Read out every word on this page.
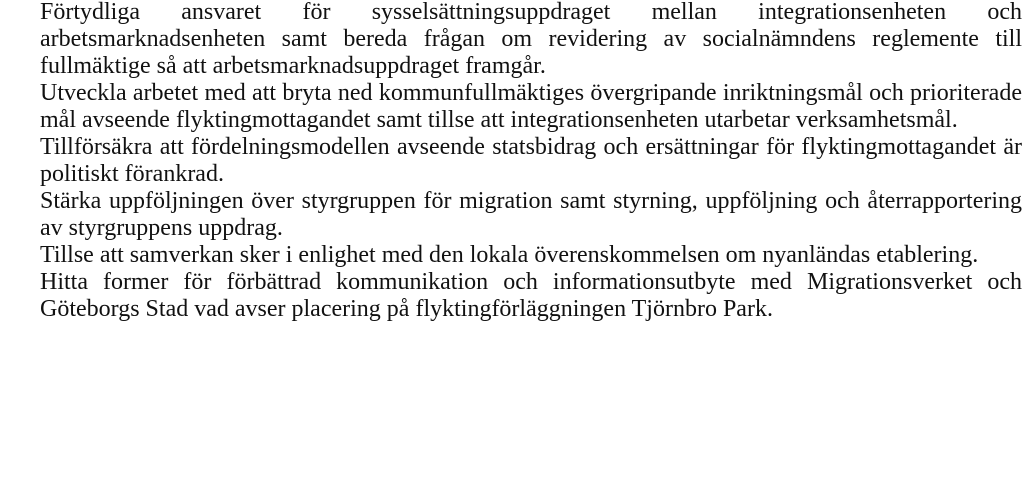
Förtydliga ansvaret för sysselsättningsuppdraget mellan integrationsenheten och arbetsmarknadsenheten samt bereda frågan om revidering av socialnämndens reglemente till fullmäktige så att arbetsmarknadsuppdraget framgår.

Utveckla arbetet med att bryta ned kommunfullmäktiges övergripande inriktningsmål och prioriterade mål avseende flyktingmottagandet samt tillse att integrationsenheten utarbetar verksamhetsmål.

Tillförsäkra att fördelningsmodellen avseende statsbidrag och ersättningar för flyktingmottagandet är politiskt förankrad.

Stärka uppföljningen över styrgruppen för migration samt styrning, uppföljning och återrapportering av styrgruppens uppdrag.

Tillse att samverkan sker i enlighet med den lokala överenskommelsen om nyanländas etablering.

Hitta former för förbättrad kommunikation och informationsutbyte med Migrationsverket och Göteborgs Stad vad avser placering på flyktingförläggningen Tjörnbro Park.
